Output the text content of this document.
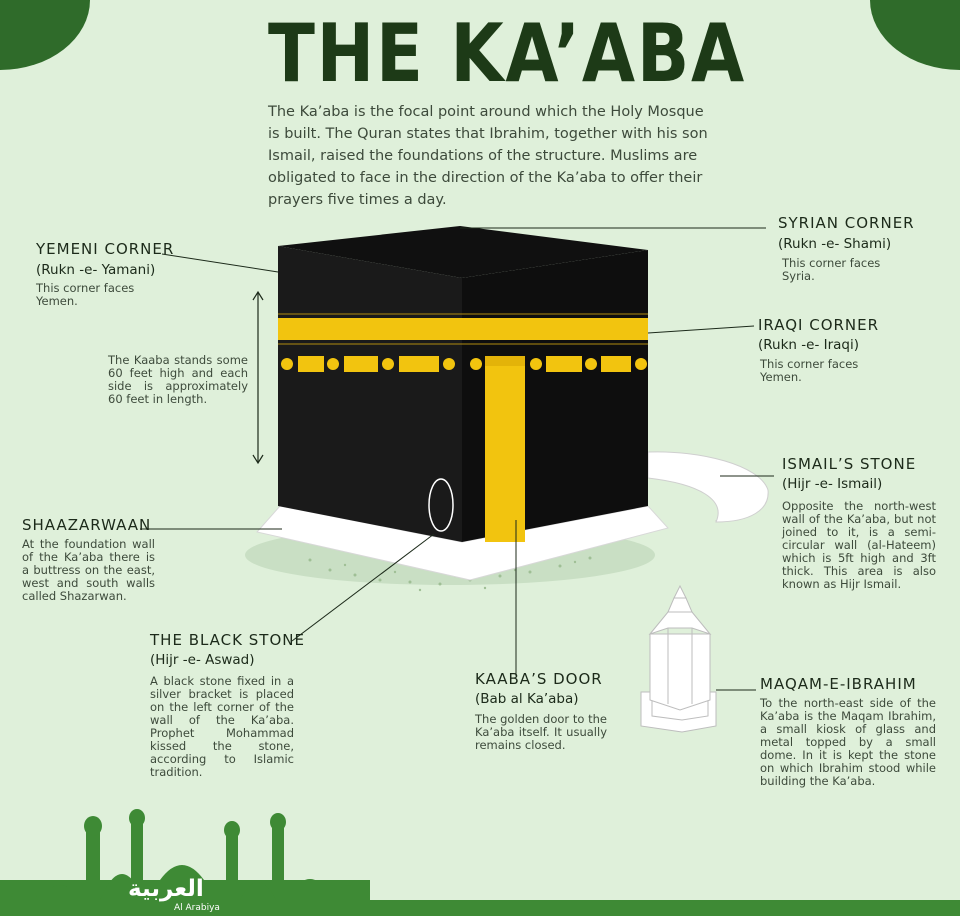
THE KA’ABA
The Ka’aba is the focal point around which the Holy Mosque is built. The Quran states that Ibrahim, together with his son Ismail, raised the foundations of the structure. Muslims are obligated to face in the direction of the Ka’aba to offer their prayers five times a day.
YEMENI CORNER
(Rukn -e- Yamani)
This corner faces Yemen.
The Kaaba stands some 60 feet high and each side is approximately 60 feet in length.
SYRIAN CORNER
(Rukn -e- Shami)
This corner faces Syria.
IRAQI CORNER
(Rukn -e- Iraqi)
This corner faces Yemen.
ISMAIL’S STONE
(Hijr -e- Ismail)
Opposite the north-west wall of the Ka’aba, but not joined to it, is a semi-circular wall (al-Hateem) which is 5ft high and 3ft thick. This area is also known as Hijr Ismail.
SHAAZARWAAN
At the foundation wall of the Ka’aba there is a buttress on the east, west and south walls called Shazarwan.
THE BLACK STONE
(Hijr -e- Aswad)
A black stone fixed in a silver bracket is placed on the left corner of the wall of the Ka’aba. Prophet Mohammad kissed the stone, according to Islamic tradition.
KAABA’S DOOR
(Bab al Ka’aba)
The golden door to the Ka’aba itself. It usually remains closed.
MAQAM-E-IBRAHIM
To the north-east side of the Ka’aba is the Maqam Ibrahim, a small kiosk of glass and metal topped by a small dome. In it is kept the stone on which Ibrahim stood while building the Ka’aba.
العربية
Al Arabiya
